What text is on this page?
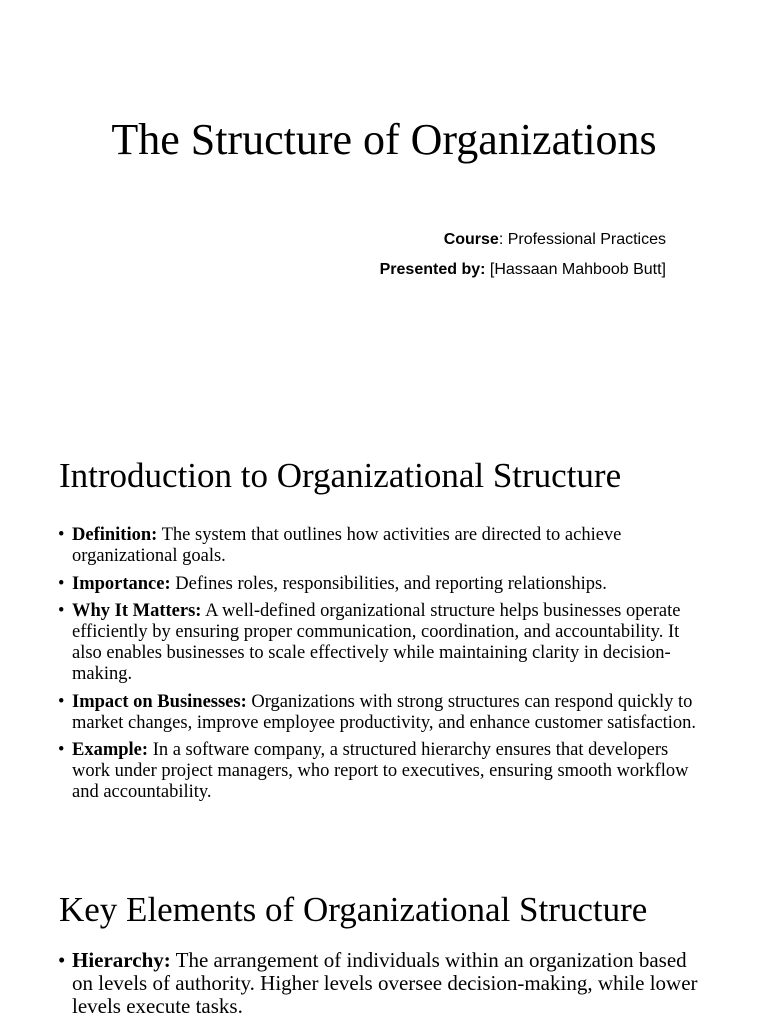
The Structure of Organizations
Course: Professional Practices
Presented by: [Hassaan Mahboob Butt]
Introduction to Organizational Structure
• Definition: The system that outlines how activities are directed to achieve organizational goals.
• Importance: Defines roles, responsibilities, and reporting relationships.
• Why It Matters: A well-defined organizational structure helps businesses operate efficiently by ensuring proper communication, coordination, and accountability. It also enables businesses to scale effectively while maintaining clarity in decision-making.
• Impact on Businesses: Organizations with strong structures can respond quickly to market changes, improve employee productivity, and enhance customer satisfaction.
• Example: In a software company, a structured hierarchy ensures that developers work under project managers, who report to executives, ensuring smooth workflow and accountability.
Key Elements of Organizational Structure
• Hierarchy: The arrangement of individuals within an organization based on levels of authority. Higher levels oversee decision-making, while lower levels execute tasks.
